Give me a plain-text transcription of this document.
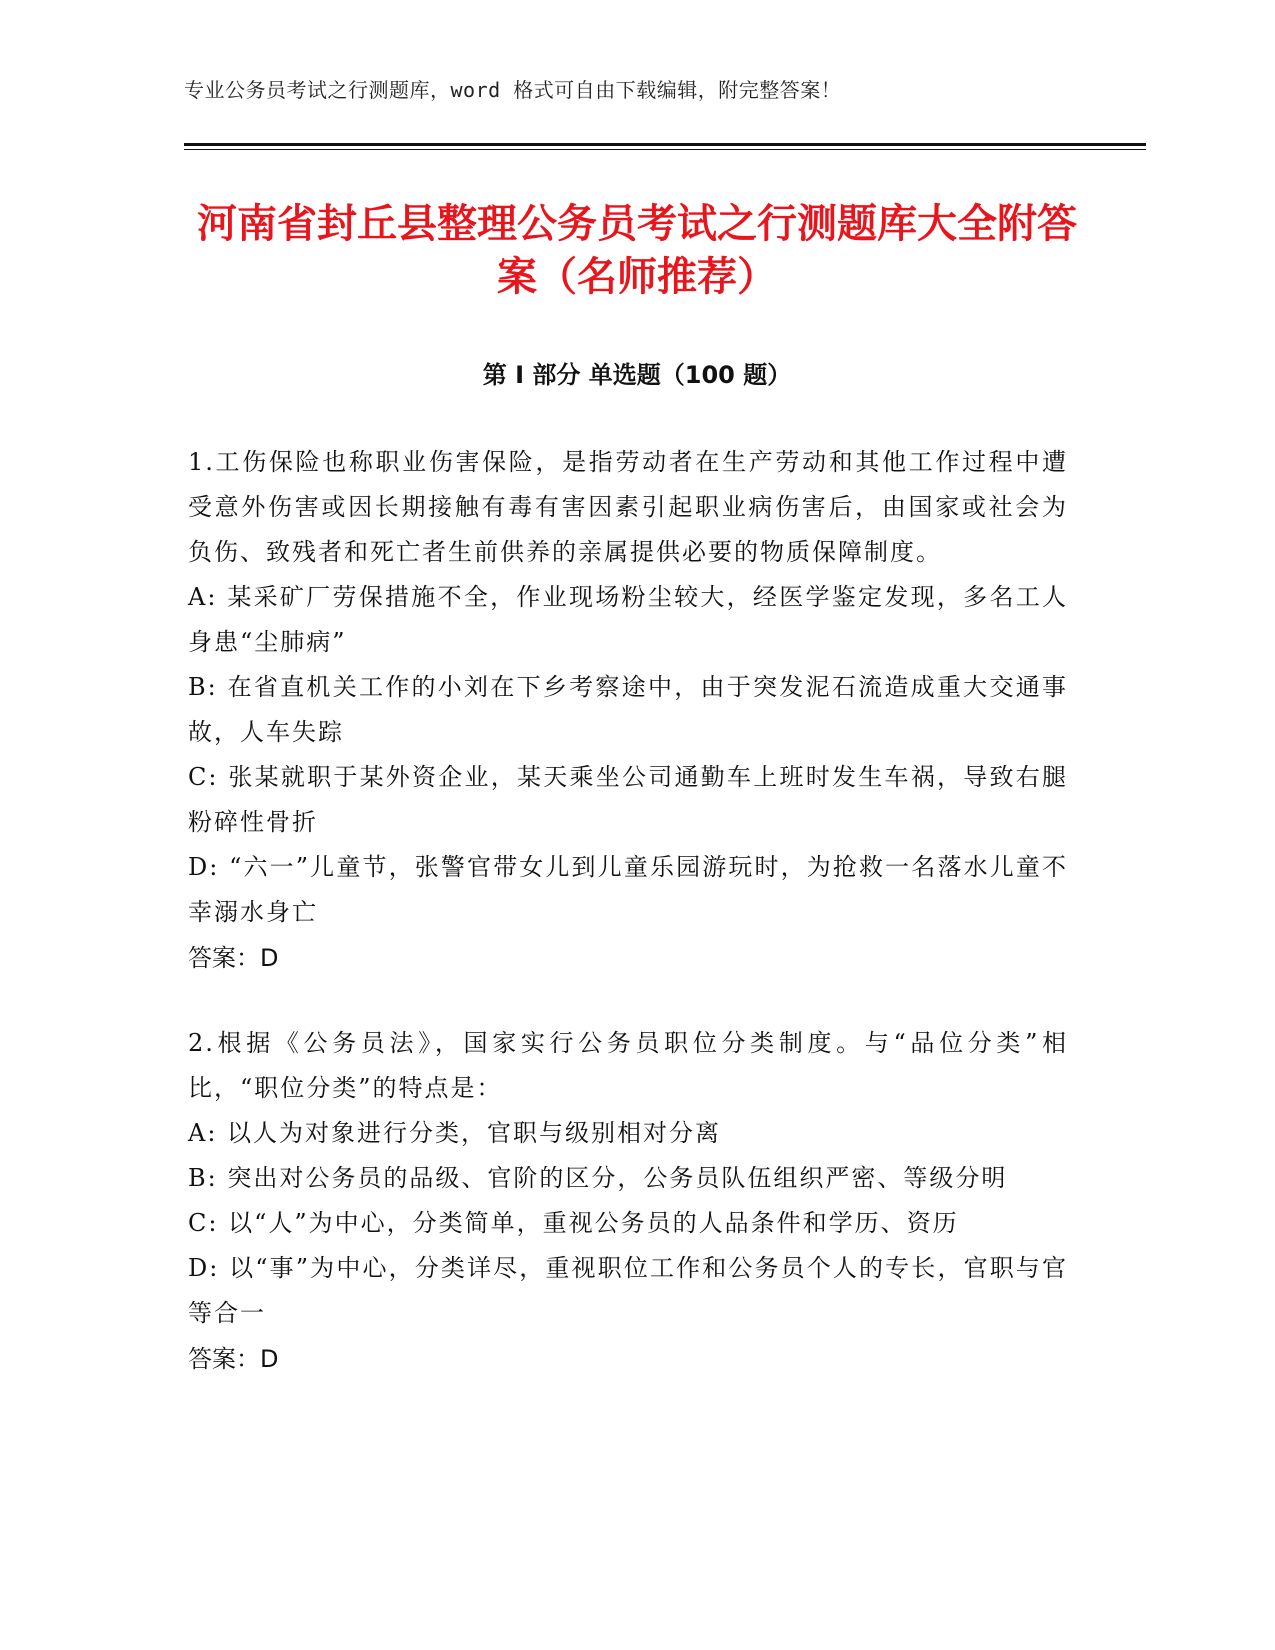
专业公务员考试之行测题库，word 格式可自由下载编辑，附完整答案！
河南省封丘县整理公务员考试之行测题库大全附答案（名师推荐）
第 I 部分 单选题（100 题）
1.工伤保险也称职业伤害保险，是指劳动者在生产劳动和其他工作过程中遭受意外伤害或因长期接触有毒有害因素引起职业病伤害后，由国家或社会为负伤、致残者和死亡者生前供养的亲属提供必要的物质保障制度。
A: 某采矿厂劳保措施不全，作业现场粉尘较大，经医学鉴定发现，多名工人身患“尘肺病”
B: 在省直机关工作的小刘在下乡考察途中，由于突发泥石流造成重大交通事故，人车失踪
C: 张某就职于某外资企业，某天乘坐公司通勤车上班时发生车祸，导致右腿粉碎性骨折
D: “六一”儿童节，张警官带女儿到儿童乐园游玩时，为抢救一名落水儿童不幸溺水身亡
答案：D
2.根据《公务员法》，国家实行公务员职位分类制度。与“品位分类”相比，“职位分类”的特点是：
A: 以人为对象进行分类，官职与级别相对分离
B: 突出对公务员的品级、官阶的区分，公务员队伍组织严密、等级分明
C: 以“人”为中心，分类简单，重视公务员的人品条件和学历、资历
D: 以“事”为中心，分类详尽，重视职位工作和公务员个人的专长，官职与官等合一
答案：D
